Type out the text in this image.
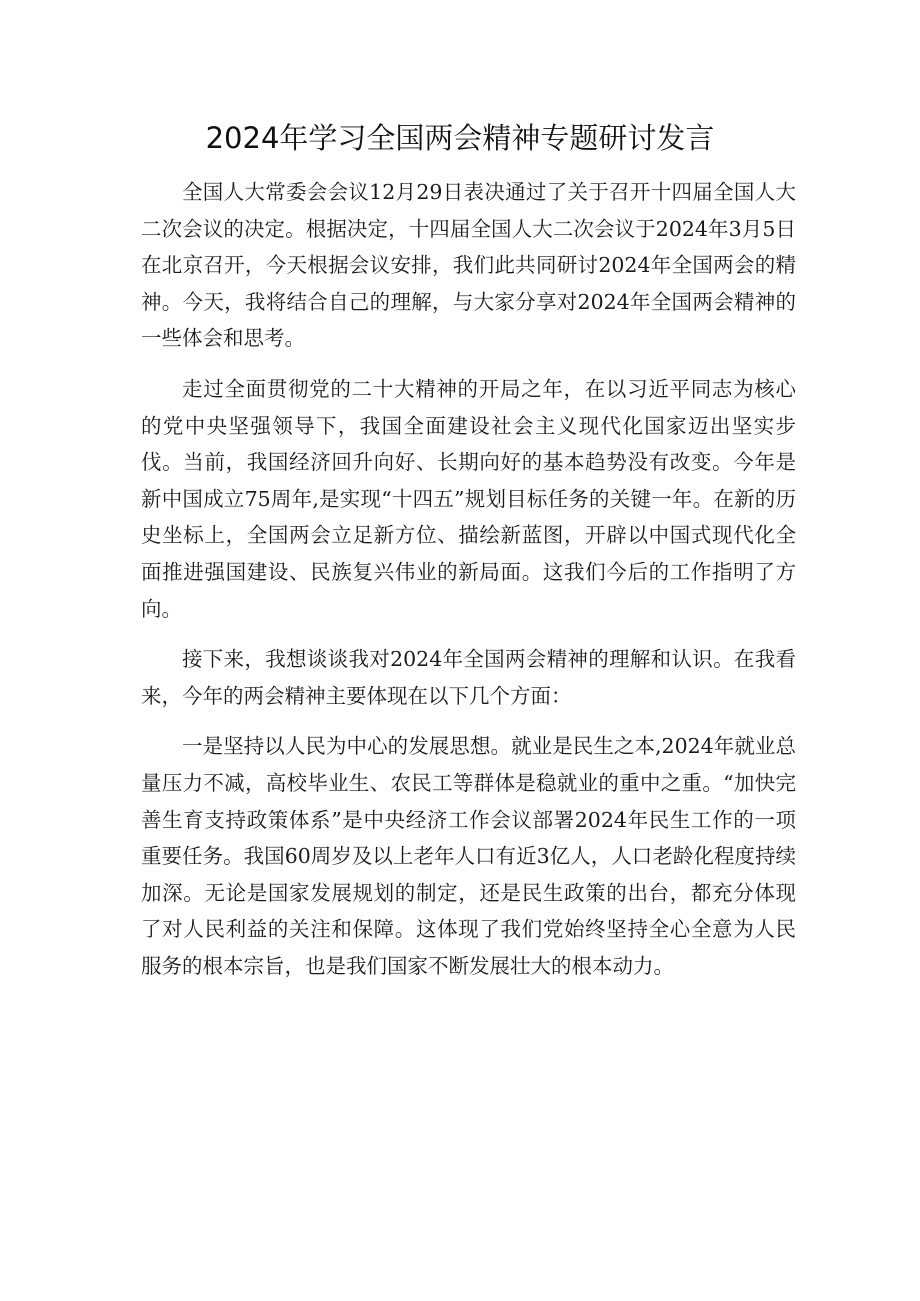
2024年学习全国两会精神专题研讨发言

全国人大常委会会议12月29日表决通过了关于召开十四届全国人大二次会议的决定。根据决定，十四届全国人大二次会议于2024年3月5日在北京召开，今天根据会议安排，我们此共同研讨2024年全国两会的精神。今天，我将结合自己的理解，与大家分享对2024年全国两会精神的一些体会和思考。

走过全面贯彻党的二十大精神的开局之年，在以习近平同志为核心的党中央坚强领导下，我国全面建设社会主义现代化国家迈出坚实步伐。当前，我国经济回升向好、长期向好的基本趋势没有改变。今年是新中国成立75周年,是实现“十四五”规划目标任务的关键一年。在新的历史坐标上，全国两会立足新方位、描绘新蓝图，开辟以中国式现代化全面推进强国建设、民族复兴伟业的新局面。这我们今后的工作指明了方向。

接下来，我想谈谈我对2024年全国两会精神的理解和认识。在我看来，今年的两会精神主要体现在以下几个方面：

一是坚持以人民为中心的发展思想。就业是民生之本,2024年就业总量压力不减，高校毕业生、农民工等群体是稳就业的重中之重。“加快完善生育支持政策体系”是中央经济工作会议部署2024年民生工作的一项重要任务。我国60周岁及以上老年人口有近3亿人，人口老龄化程度持续加深。无论是国家发展规划的制定，还是民生政策的出台，都充分体现了对人民利益的关注和保障。这体现了我们党始终坚持全心全意为人民服务的根本宗旨，也是我们国家不断发展壮大的根本动力。
